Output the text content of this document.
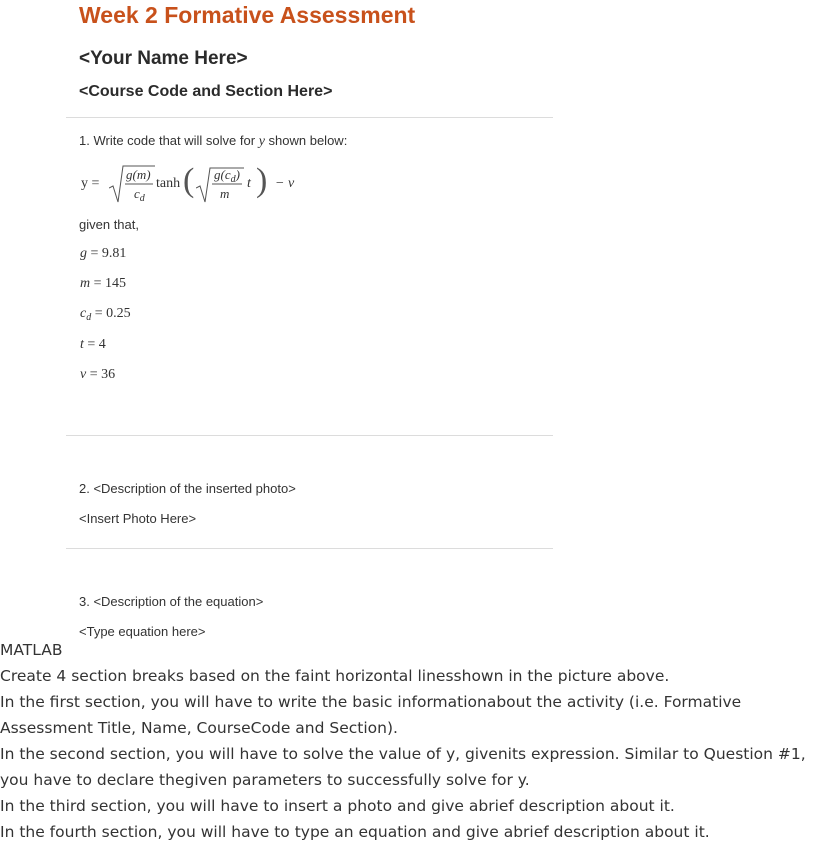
Week 2 Formative Assessment
<Your Name Here>
<Course Code and Section Here>
1. Write code that will solve for y shown below:
y =
g(m)
$c_d$
tanh ( $g(c_d)$
m
t ) − v
given that,
g = 9.81
m = 145
$c_d = 0.25$
t = 4
v = 36
2. <Description of the inserted photo>
<Insert Photo Here>
3. <Description of the equation>
<Type equation here>
MATLAB
Create 4 section breaks based on the faint horizontal linesshown in the picture above.
In the first section, you will have to write the basic informationabout the activity (i.e. Formative Assessment Title, Name, CourseCode and Section).
In the second section, you will have to solve the value of y, givenits expression. Similar to Question #1, you have to declare thegiven parameters to successfully solve for y.
In the third section, you will have to insert a photo and give abrief description about it.
In the fourth section, you will have to type an equation and give abrief description about it.
